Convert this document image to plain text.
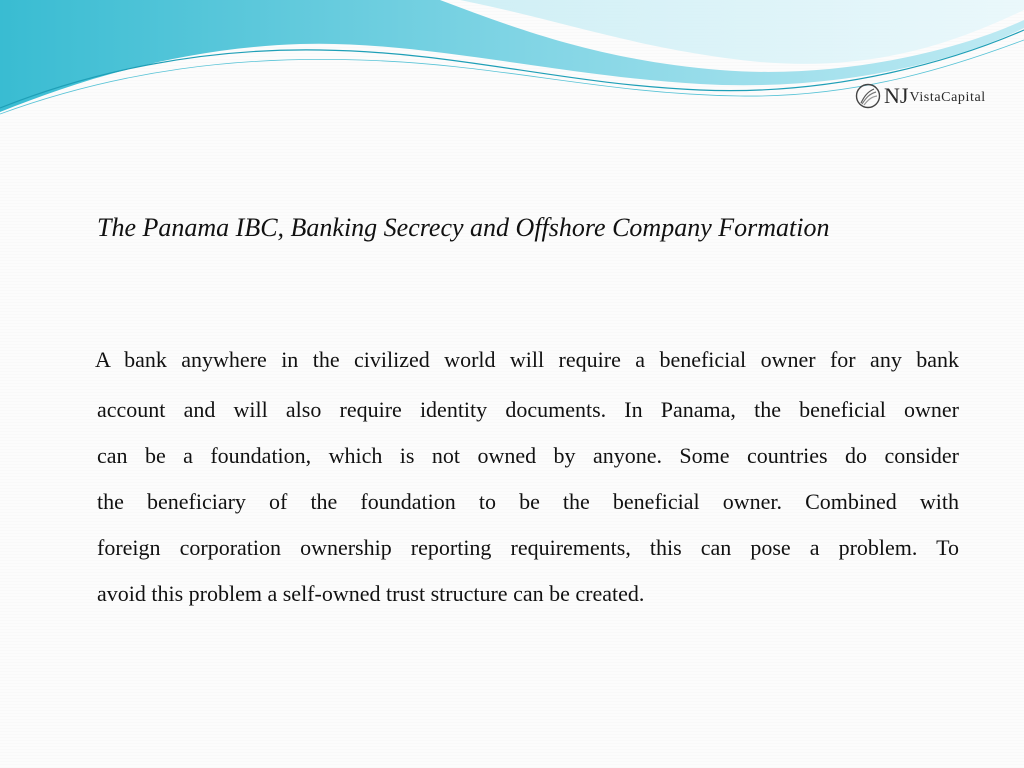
NJ VistaCapital
The Panama IBC, Banking Secrecy and Offshore Company Formation
A bank anywhere in the civilized world will require a beneficial owner for any bank
account and will also require identity documents. In Panama, the beneficial owner
can be a foundation, which is not owned by anyone. Some countries do consider
the beneficiary of the foundation to be the beneficial owner. Combined with
foreign corporation ownership reporting requirements, this can pose a problem. To
avoid this problem a self-owned trust structure can be created.
